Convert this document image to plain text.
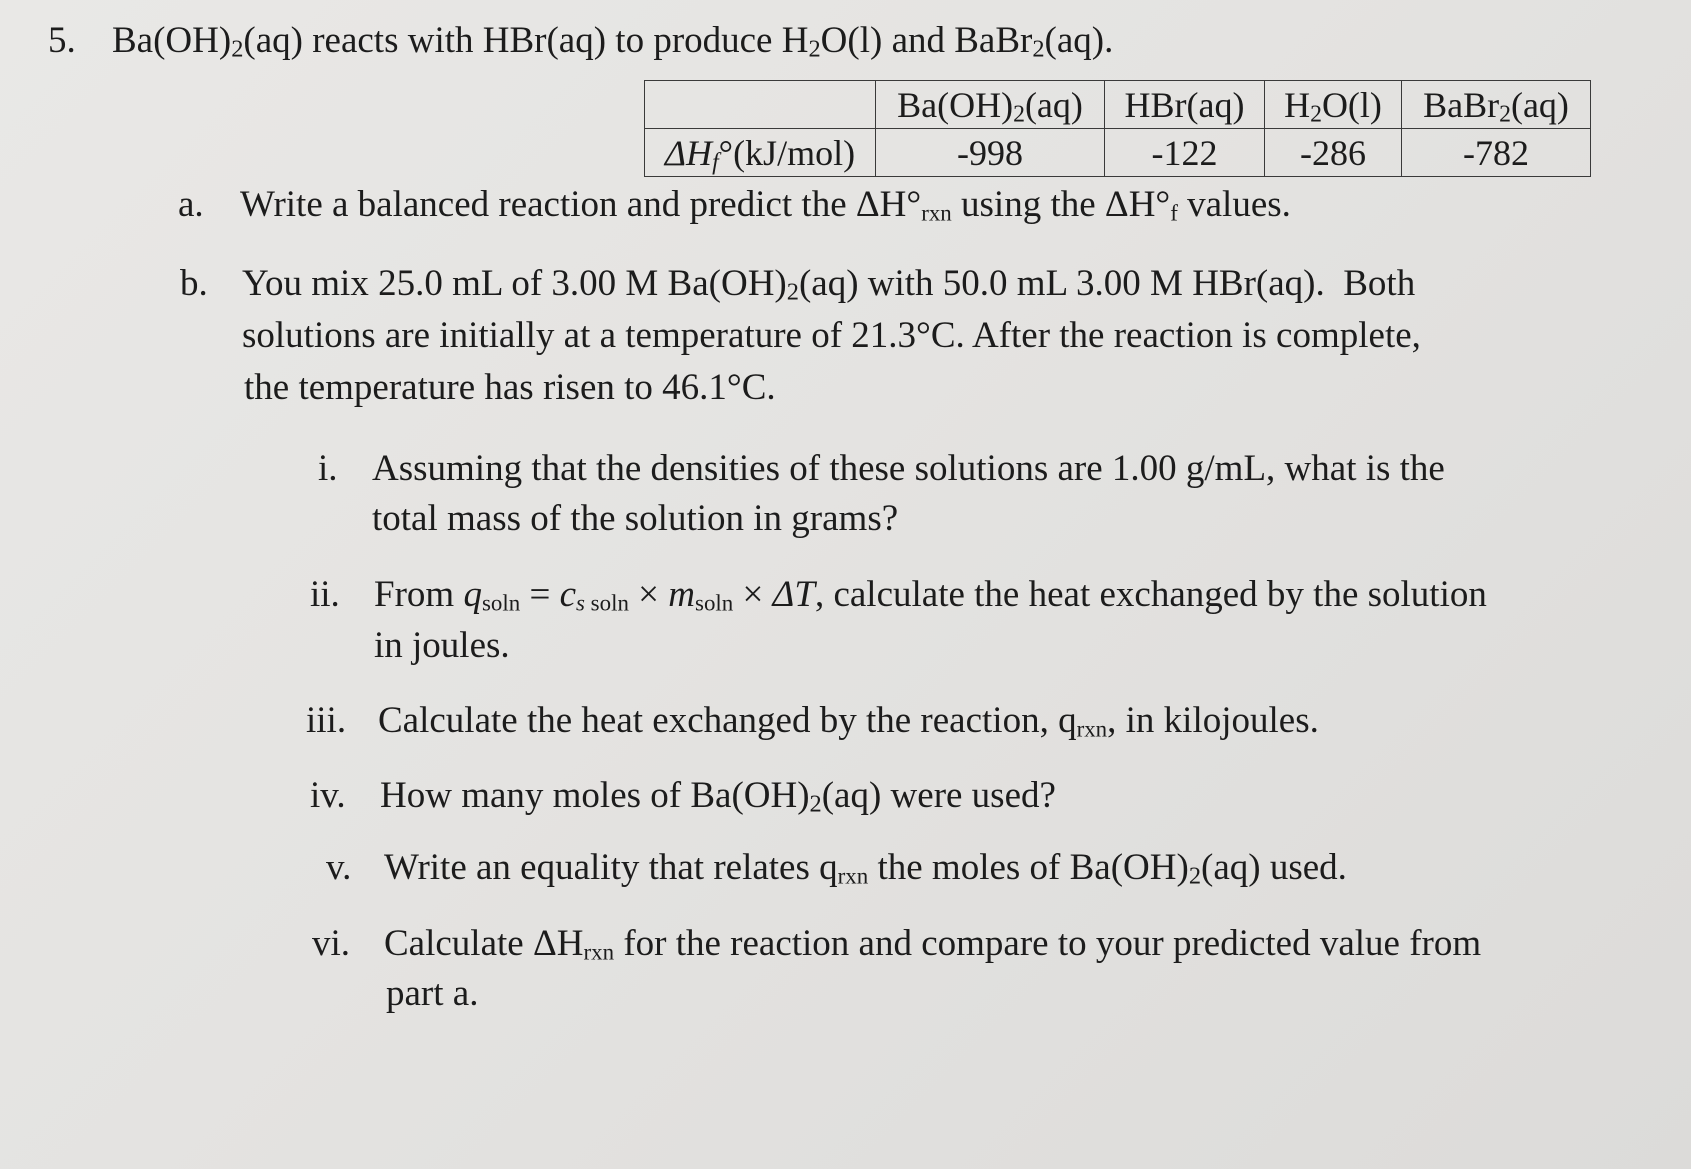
5. $Ba(OH)_2(aq)$ reacts with HBr(aq) to produce $H_2O(l)$ and BaBr$_2$(aq).
	$Ba(OH)_2(aq)$	HBr(aq)	$H_2O(l)$	BaBr$_2$(aq)
$\Delta H_f^\circ(kJ/mol)$	-998	-122	-286	-782
a. Write a balanced reaction and predict the $\Delta H^\circ_{rxn}$ using the $\Delta H^\circ_f$ values.
b. You mix 25.0 mL of 3.00 M $Ba(OH)_2(aq)$ with 50.0 mL 3.00 M HBr(aq).  Both
solutions are initially at a temperature of 21.3°C. After the reaction is complete,
the temperature has risen to 46.1°C.
i. Assuming that the densities of these solutions are 1.00 g/mL, what is the
total mass of the solution in grams?
ii. From $q_{soln} = c_{s soln} \times m_{soln} \times \Delta T$, calculate the heat exchanged by the solution
in joules.
iii. Calculate the heat exchanged by the reaction, $q_{rxn}$, in kilojoules.
iv. How many moles of $Ba(OH)_2(aq)$ were used?
v. Write an equality that relates $q_{rxn}$ the moles of $Ba(OH)_2(aq)$ used.
vi. Calculate $\Delta H_{rxn}$ for the reaction and compare to your predicted value from
part a.
